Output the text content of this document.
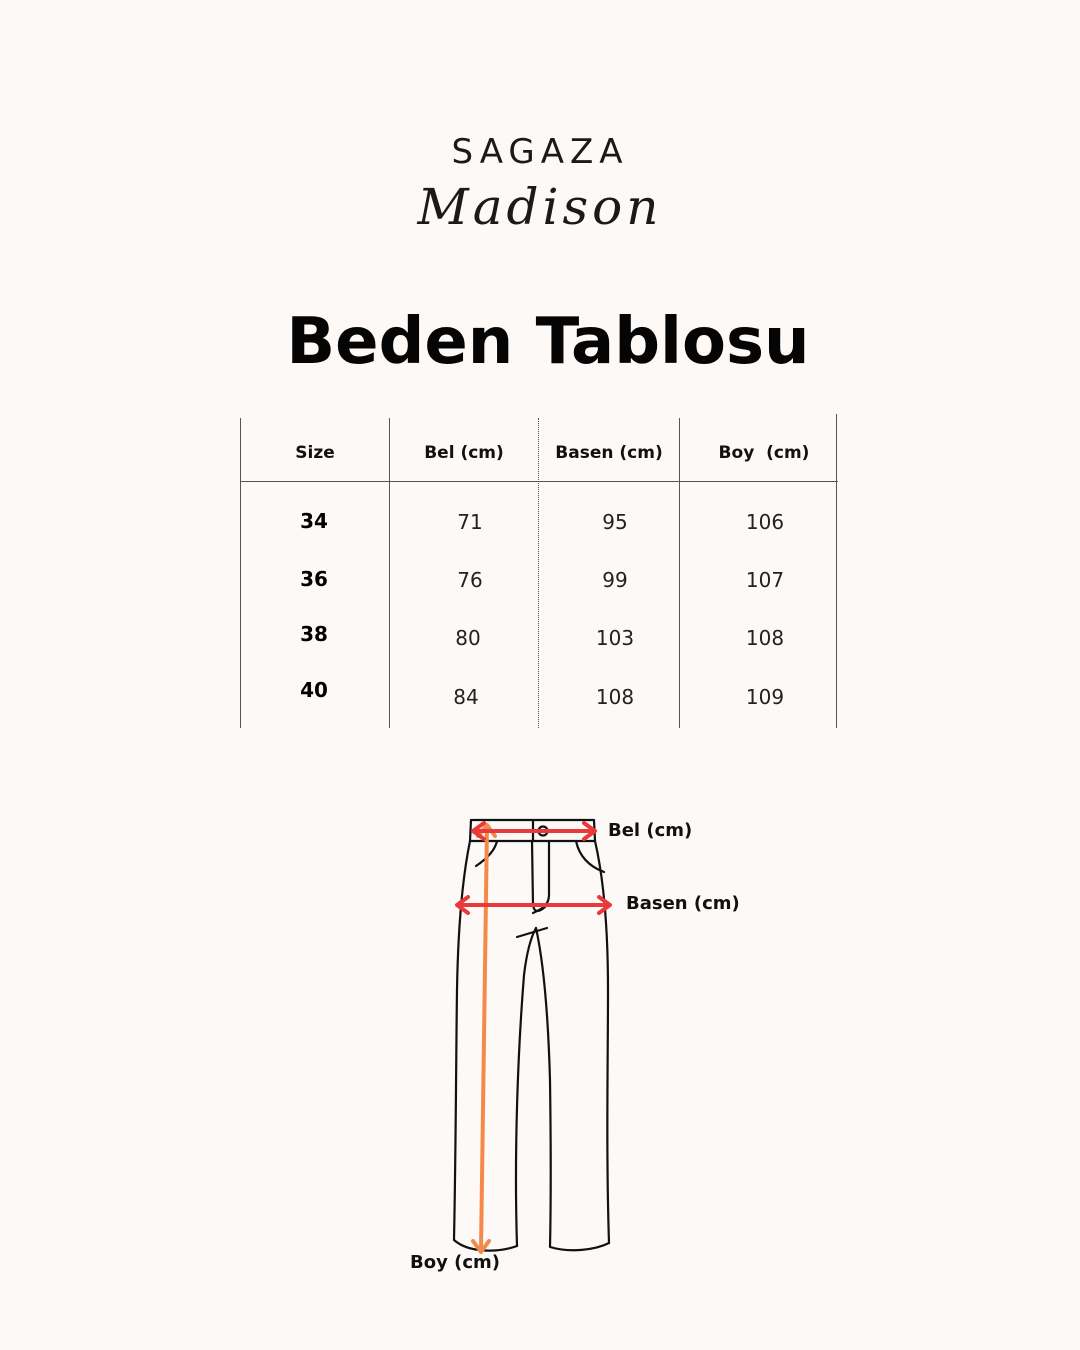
SAGAZA
Madison
Beden Tablosu
Size	Bel (cm)	Basen (cm)	Boy  (cm)
34	71	95	106
36	76	99	107
38	80	103	108
40	84	108	109
Bel (cm)
Basen (cm)
Boy (cm)
